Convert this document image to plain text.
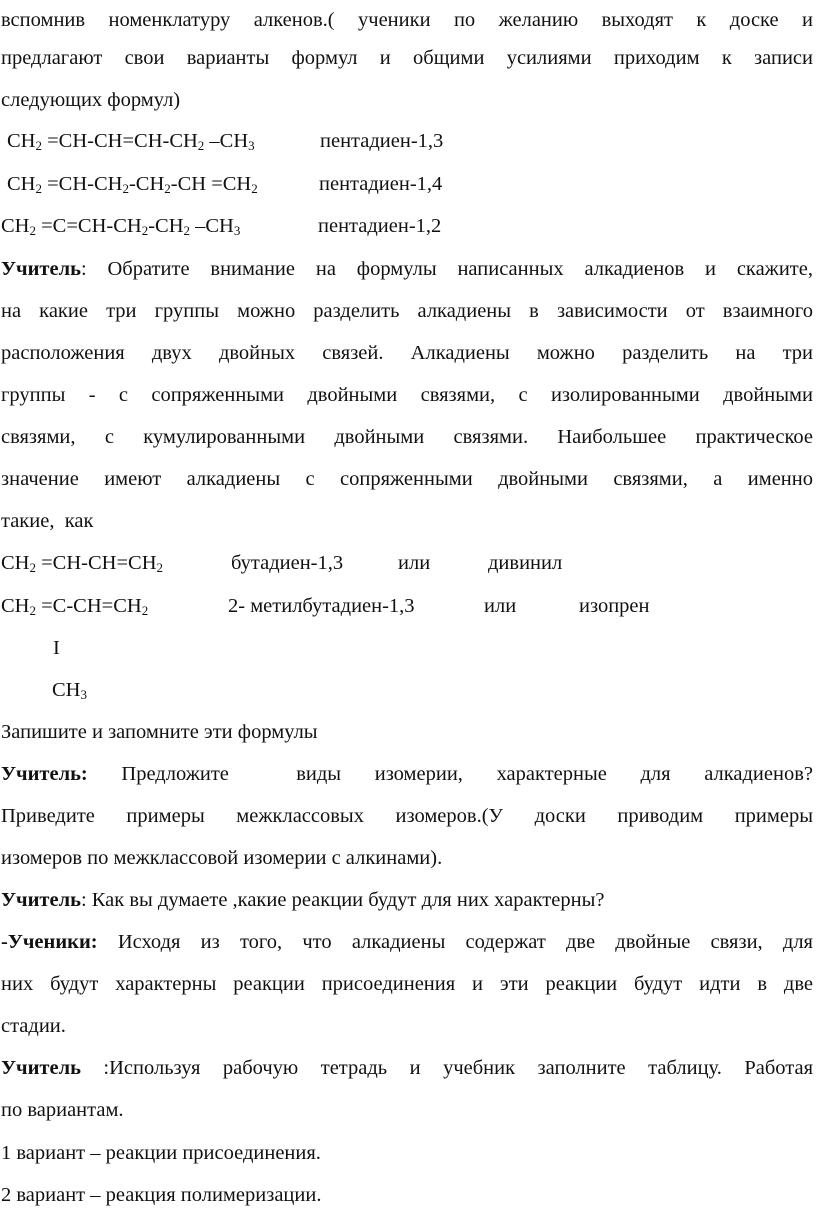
вспомнив номенклатуру алкенов.( ученики по желанию выходят к доске и
предлагают свои варианты формул и общими усилиями приходим к записи
следующих формул)
$CH_2 =CH-CH=CH-CH_2$ $-CH_3$	пентадиен-1,3
$CH_2 =CH-CH_2-CH_2-CH =CH_2$	пентадиен-1,4
$CH_2 =C=CH-CH_2-CH_2$ $-CH_3$	пентадиен-1,2
Учитель: Обратите внимание на формулы написанных алкадиенов и скажите,
на какие три группы можно разделить алкадиены в зависимости от взаимного
расположения двух двойных связей. Алкадиены можно разделить на три
группы - с сопряженными двойными связями, с изолированными двойными
связями, с кумулированными двойными связями. Наибольшее практическое
значение имеют алкадиены с сопряженными двойными связями, а именно
такие,  как
$CH_2 =CH-CH=CH_2$	бутадиен-1,3	или	дивинил
$CH_2 =C-CH=CH_2$	2- метилбутадиен-1,3	или	изопрен
I
$CH_3$
Запишите и запомните эти формулы
Учитель: Предложите  виды изомерии, характерные для алкадиенов?
Приведите примеры межклассовых изомеров.(У доски приводим примеры
изомеров по межклассовой изомерии с алкинами).
Учитель: Как вы думаете ,какие реакции будут для них характерны?
-Ученики: Исходя из того, что алкадиены содержат две двойные связи, для
них будут характерны реакции присоединения и эти реакции будут идти в две
стадии.
Учитель :Используя рабочую тетрадь и учебник заполните таблицу. Работая
по вариантам.
1 вариант – реакции присоединения.
2 вариант – реакция полимеризации.
